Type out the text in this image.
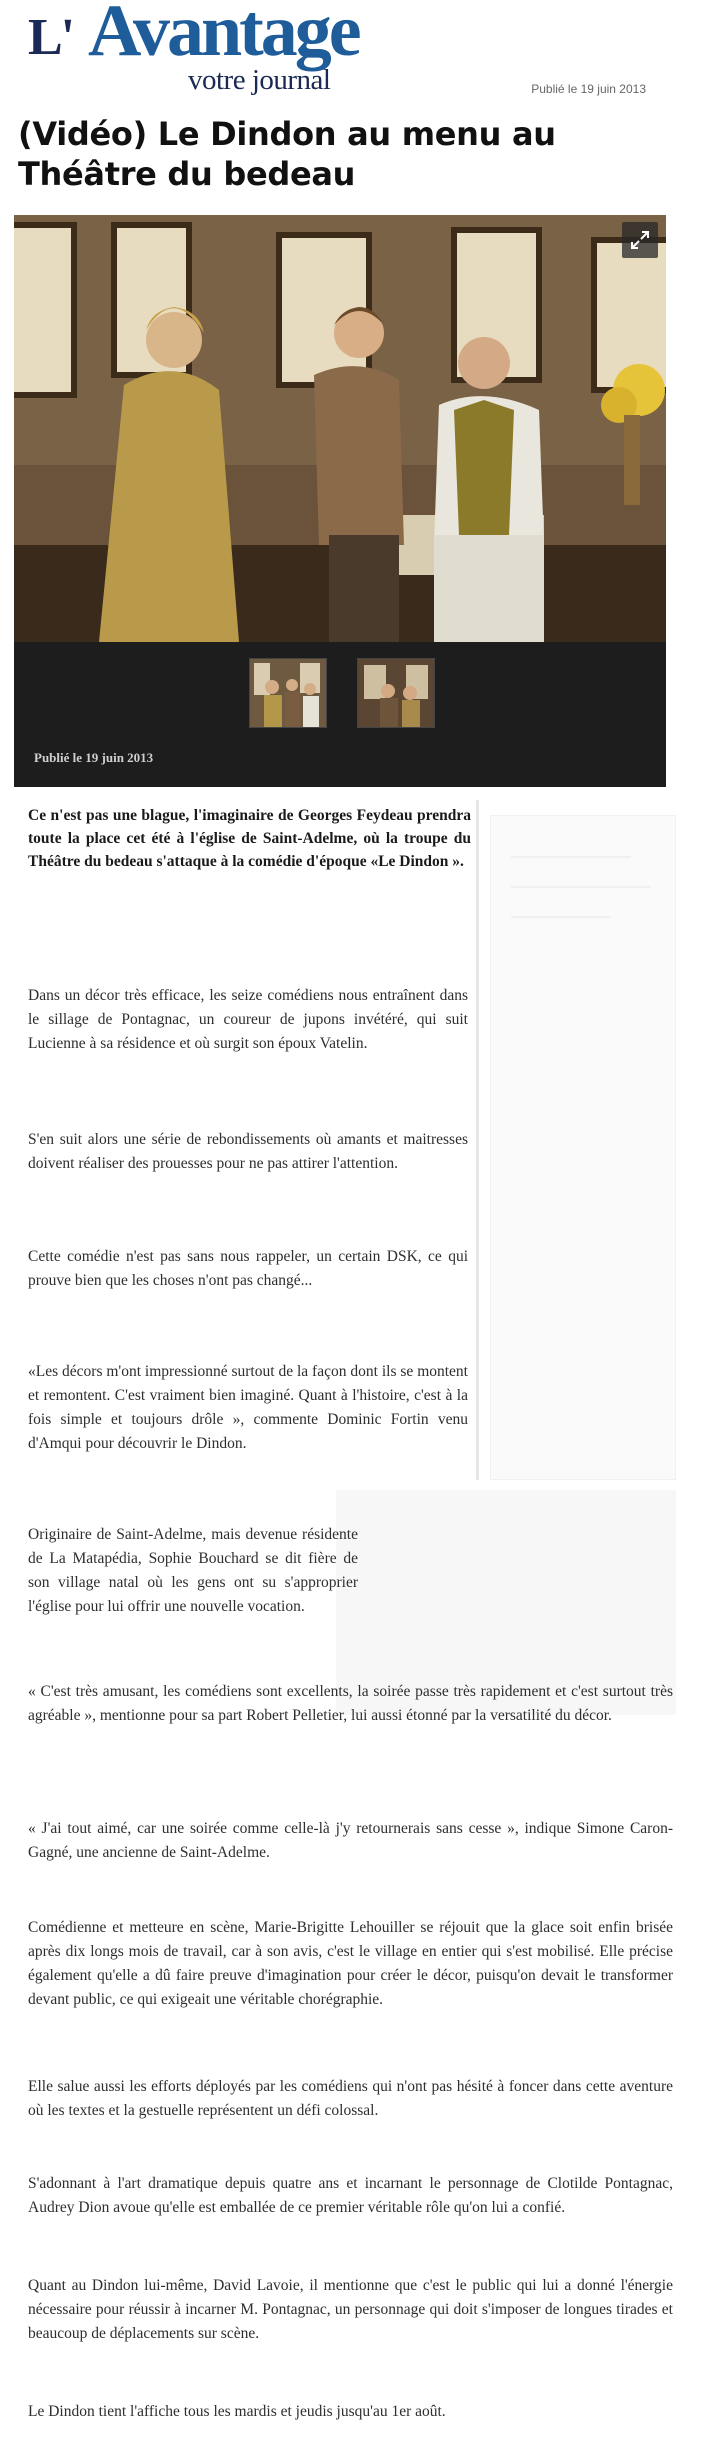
L' Avantage
votre journal	Publié le 19 juin 2013
(Vidéo) Le Dindon au menu au Théâtre du bedeau
Publié le 19 juin 2013

Ce n'est pas une blague, l'imaginaire de Georges Feydeau prendra toute la place cet été à l'église de Saint-Adelme, où la troupe du Théâtre du bedeau s'attaque à la comédie d'époque «Le Dindon ».

Dans un décor très efficace, les seize comédiens nous entraînent dans le sillage de Pontagnac, un coureur de jupons invétéré, qui suit Lucienne à sa résidence et où surgit son époux Vatelin.

S'en suit alors une série de rebondissements où amants et maitresses doivent réaliser des prouesses pour ne pas attirer l'attention.

Cette comédie n'est pas sans nous rappeler, un certain DSK, ce qui prouve bien que les choses n'ont pas changé...

«Les décors m'ont impressionné surtout de la façon dont ils se montent et remontent. C'est vraiment bien imaginé. Quant à l'histoire, c'est à la fois simple et toujours drôle », commente Dominic Fortin venu d'Amqui pour découvrir le Dindon.

Originaire de Saint-Adelme, mais devenue résidente de La Matapédia, Sophie Bouchard se dit fière de son village natal où les gens ont su s'approprier l'église pour lui offrir une nouvelle vocation.

« C'est très amusant, les comédiens sont excellents, la soirée passe très rapidement et c'est surtout très agréable », mentionne pour sa part Robert Pelletier, lui aussi étonné par la versatilité du décor.

« J'ai tout aimé, car une soirée comme celle-là j'y retournerais sans cesse », indique Simone Caron-Gagné, une ancienne de Saint-Adelme.

Comédienne et metteure en scène, Marie-Brigitte Lehouiller se réjouit que la glace soit enfin brisée après dix longs mois de travail, car à son avis, c'est le village en entier qui s'est mobilisé. Elle précise également qu'elle a dû faire preuve d'imagination pour créer le décor, puisqu'on devait le transformer devant public, ce qui exigeait une véritable chorégraphie.

Elle salue aussi les efforts déployés par les comédiens qui n'ont pas hésité à foncer dans cette aventure où les textes et la gestuelle représentent un défi colossal.

S'adonnant à l'art dramatique depuis quatre ans et incarnant le personnage de Clotilde Pontagnac, Audrey Dion avoue qu'elle est emballée de ce premier véritable rôle qu'on lui a confié.

Quant au Dindon lui-même, David Lavoie, il mentionne que c'est le public qui lui a donné l'énergie nécessaire pour réussir à incarner M. Pontagnac, un personnage qui doit s'imposer de longues tirades et beaucoup de déplacements sur scène.

Le Dindon tient l'affiche tous les mardis et jeudis jusqu'au 1er août.
